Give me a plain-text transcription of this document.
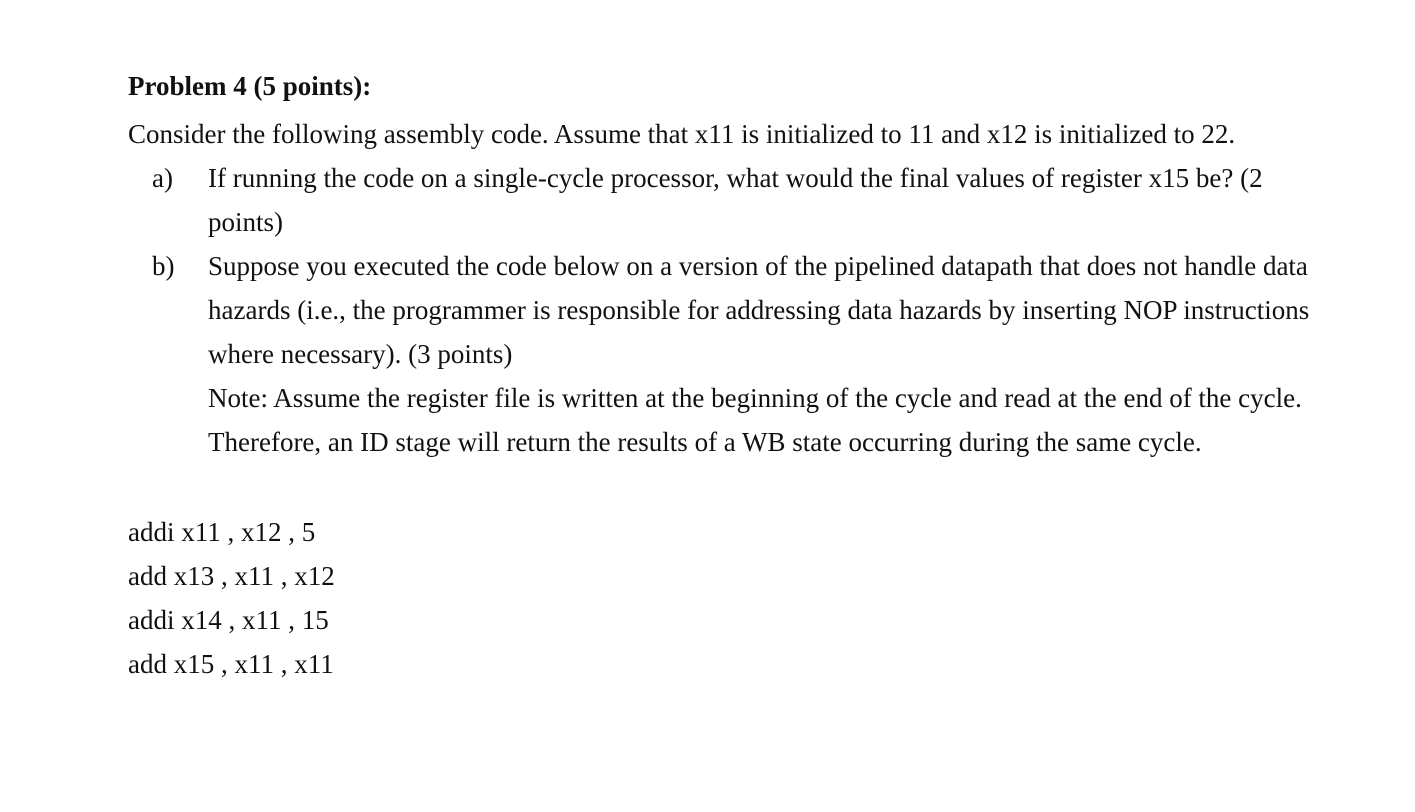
Problem 4 (5 points):

Consider the following assembly code. Assume that x11 is initialized to 11 and x12 is initialized to 22.

a) If running the code on a single-cycle processor, what would the final values of register x15 be? (2 points)
b) Suppose you executed the code below on a version of the pipelined datapath that does not handle data hazards (i.e., the programmer is responsible for addressing data hazards by inserting NOP instructions where necessary). (3 points)
Note: Assume the register file is written at the beginning of the cycle and read at the end of the cycle. Therefore, an ID stage will return the results of a WB state occurring during the same cycle.
addi x11 , x12 , 5
add x13 , x11 , x12
addi x14 , x11 , 15
add x15 , x11 , x11
